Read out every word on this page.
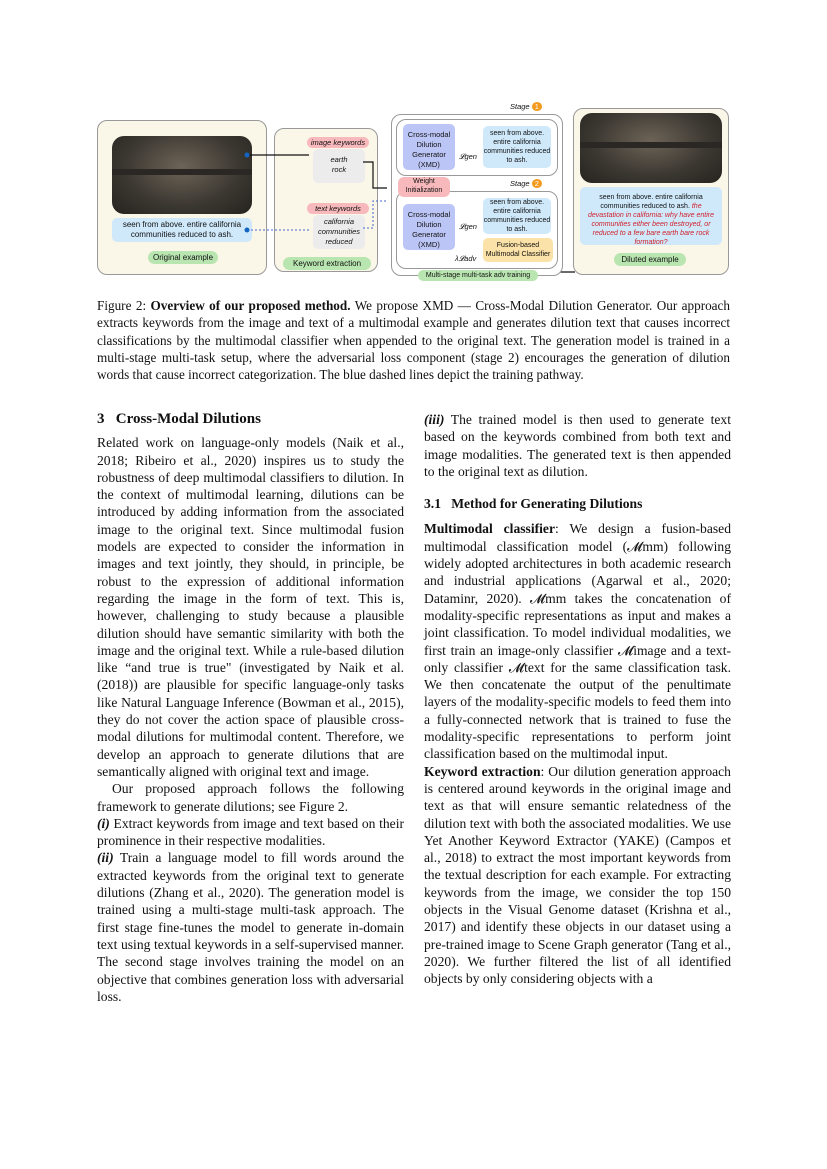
seen from above. entire california communities reduced to ash.
Original example
image keywords
earth rock
text keywords
california communities reduced
Keyword extraction
Stage 1
Cross-modal Dilution Generator (XMD)
𝓛gen
seen from above. entire california communities reduced to ash.
Stage 2
Cross-modal Dilution Generator (XMD)
𝓛gen
λ𝓛adv
seen from above. entire california communities reduced to ash.
Fusion-based Multimodal Classifier
Weight Initialization
Multi-stage multi-task adv training
seen from above. entire california communities reduced to ash. the devastation in california: why have entire communities either been destroyed, or reduced to a few bare earth bare rock formation?
Diluted example
Figure 2: Overview of our proposed method. We propose XMD — Cross-Modal Dilution Generator. Our approach extracts keywords from the image and text of a multimodal example and generates dilution text that causes incorrect classifications by the multimodal classifier when appended to the original text. The generation model is trained in a multi-stage multi-task setup, where the adversarial loss component (stage 2) encourages the generation of dilution words that cause incorrect categorization. The blue dashed lines depict the training pathway.
3   Cross-Modal Dilutions

Related work on language-only models (Naik et al., 2018; Ribeiro et al., 2020) inspires us to study the robustness of deep multimodal classifiers to dilution. In the context of multimodal learning, dilutions can be introduced by adding information from the associated image to the original text. Since multimodal fusion models are expected to consider the information in images and text jointly, they should, in principle, be robust to the expression of additional information regarding the image in the form of text. This is, however, challenging to study because a plausible dilution should have semantic similarity with both the image and the original text. While a rule-based dilution like “and true is true" (investigated by Naik et al. (2018)) are plausible for specific language-only tasks like Natural Language Inference (Bowman et al., 2015), they do not cover the action space of plausible cross-modal dilutions for multimodal content. Therefore, we develop an approach to generate dilutions that are semantically aligned with original text and image.

Our proposed approach follows the following framework to generate dilutions; see Figure 2.

(i) Extract keywords from image and text based on their prominence in their respective modalities.

(ii) Train a language model to fill words around the extracted keywords from the original text to generate dilutions (Zhang et al., 2020). The generation model is trained using a multi-stage multi-task approach. The first stage fine-tunes the model to generate in-domain text using textual keywords in a self-supervised manner. The second stage involves training the model on an objective that combines generation loss with adversarial loss.

(iii) The trained model is then used to generate text based on the keywords combined from both text and image modalities. The generated text is then appended to the original text as dilution.

3.1   Method for Generating Dilutions

Multimodal classifier: We design a fusion-based multimodal classification model (𝓜mm) following widely adopted architectures in both academic research and industrial applications (Agarwal et al., 2020; Dataminr, 2020). 𝓜mm takes the concatenation of modality-specific representations as input and makes a joint classification. To model individual modalities, we first train an image-only classifier 𝓜image and a text-only classifier 𝓜text for the same classification task. We then concatenate the output of the penultimate layers of the modality-specific models to feed them into a fully-connected network that is trained to fuse the modality-specific representations to perform joint classification based on the multimodal input.

Keyword extraction: Our dilution generation approach is centered around keywords in the original image and text as that will ensure semantic relatedness of the dilution text with both the associated modalities. We use Yet Another Keyword Extractor (YAKE) (Campos et al., 2018) to extract the most important keywords from the textual description for each example. For extracting keywords from the image, we consider the top 150 objects in the Visual Genome dataset (Krishna et al., 2017) and identify these objects in our dataset using a pre-trained image to Scene Graph generator (Tang et al., 2020). We further filtered the list of all identified objects by only considering objects with a
